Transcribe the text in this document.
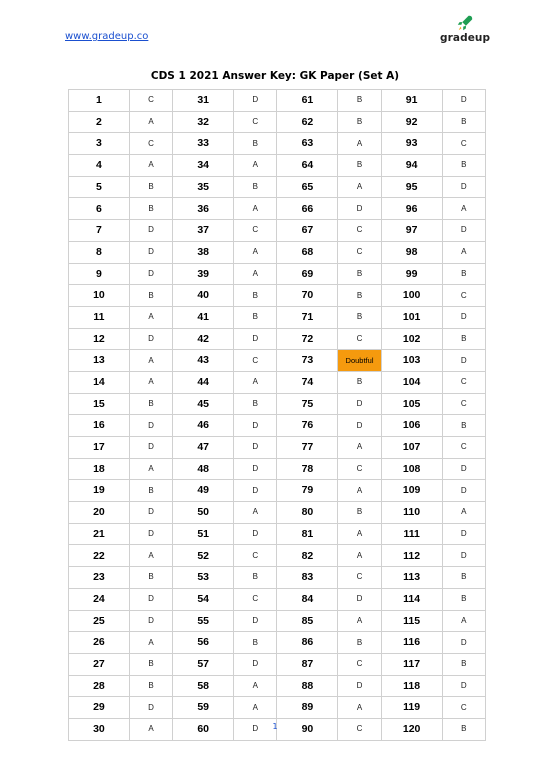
www.gradeup.co	gradeup
CDS 1 2021 Answer Key: GK Paper (Set A)
1	C	31	D	61	B	91	D
2	A	32	C	62	B	92	B
3	C	33	B	63	A	93	C
4	A	34	A	64	B	94	B
5	B	35	B	65	A	95	D
6	B	36	A	66	D	96	A
7	D	37	C	67	C	97	D
8	D	38	A	68	C	98	A
9	D	39	A	69	B	99	B
10	B	40	B	70	B	100	C
11	A	41	B	71	B	101	D
12	D	42	D	72	C	102	B
13	A	43	C	73	Doubtful	103	D
14	A	44	A	74	B	104	C
15	B	45	B	75	D	105	C
16	D	46	D	76	D	106	B
17	D	47	D	77	A	107	C
18	A	48	D	78	C	108	D
19	B	49	D	79	A	109	D
20	D	50	A	80	B	110	A
21	D	51	D	81	A	111	D
22	A	52	C	82	A	112	D
23	B	53	B	83	C	113	B
24	D	54	C	84	D	114	B
25	D	55	D	85	A	115	A
26	A	56	B	86	B	116	D
27	B	57	D	87	C	117	B
28	B	58	A	88	D	118	D
29	D	59	A	89	A	119	C
30	A	60	D	90	C	120	B
1
